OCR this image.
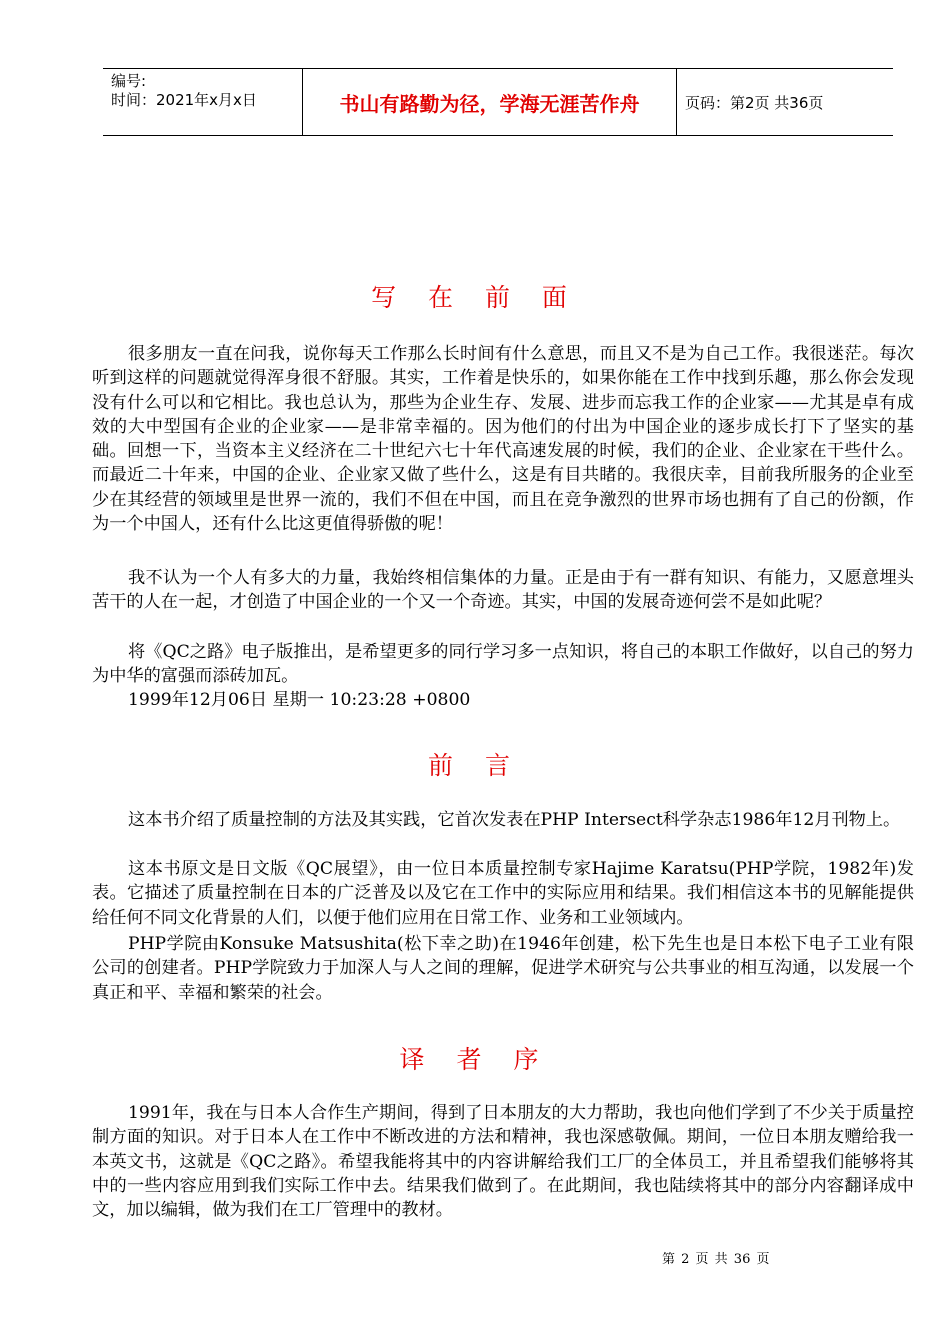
编号:
时间：2021年x月x日	书山有路勤为径，学海无涯苦作舟	页码：第2页 共36页
写 在 前 面

很多朋友一直在问我，说你每天工作那么长时间有什么意思，而且又不是为自己工作。我很迷茫。每次听到这样的问题就觉得浑身很不舒服。其实，工作着是快乐的，如果你能在工作中找到乐趣，那么你会发现没有什么可以和它相比。我也总认为，那些为企业生存、发展、进步而忘我工作的企业家——尤其是卓有成效的大中型国有企业的企业家——是非常幸福的。因为他们的付出为中国企业的逐步成长打下了坚实的基础。回想一下，当资本主义经济在二十世纪六七十年代高速发展的时候，我们的企业、企业家在干些什么。而最近二十年来，中国的企业、企业家又做了些什么，这是有目共睹的。我很庆幸，目前我所服务的企业至少在其经营的领域里是世界一流的，我们不但在中国，而且在竞争激烈的世界市场也拥有了自己的份额，作为一个中国人，还有什么比这更值得骄傲的呢！

我不认为一个人有多大的力量，我始终相信集体的力量。正是由于有一群有知识、有能力，又愿意埋头苦干的人在一起，才创造了中国企业的一个又一个奇迹。其实，中国的发展奇迹何尝不是如此呢？

将《QC之路》电子版推出，是希望更多的同行学习多一点知识，将自己的本职工作做好，以自己的努力为中华的富强而添砖加瓦。

1999年12月06日 星期一 10:23:28 +0800

前 言

这本书介绍了质量控制的方法及其实践，它首次发表在PHP Intersect科学杂志1986年12月刊物上。

这本书原文是日文版《QC展望》，由一位日本质量控制专家Hajime Karatsu(PHP学院，1982年)发表。它描述了质量控制在日本的广泛普及以及它在工作中的实际应用和结果。我们相信这本书的见解能提供给任何不同文化背景的人们，以便于他们应用在日常工作、业务和工业领域内。

PHP学院由Konsuke Matsushita(松下幸之助)在1946年创建，松下先生也是日本松下电子工业有限公司的创建者。PHP学院致力于加深人与人之间的理解，促进学术研究与公共事业的相互沟通，以发展一个真正和平、幸福和繁荣的社会。

译 者 序

1991年，我在与日本人合作生产期间，得到了日本朋友的大力帮助，我也向他们学到了不少关于质量控制方面的知识。对于日本人在工作中不断改进的方法和精神，我也深感敬佩。期间，一位日本朋友赠给我一本英文书，这就是《QC之路》。希望我能将其中的内容讲解给我们工厂的全体员工，并且希望我们能够将其中的一些内容应用到我们实际工作中去。结果我们做到了。在此期间，我也陆续将其中的部分内容翻译成中文，加以编辑，做为我们在工厂管理中的教材。

第 2 页 共 36 页
